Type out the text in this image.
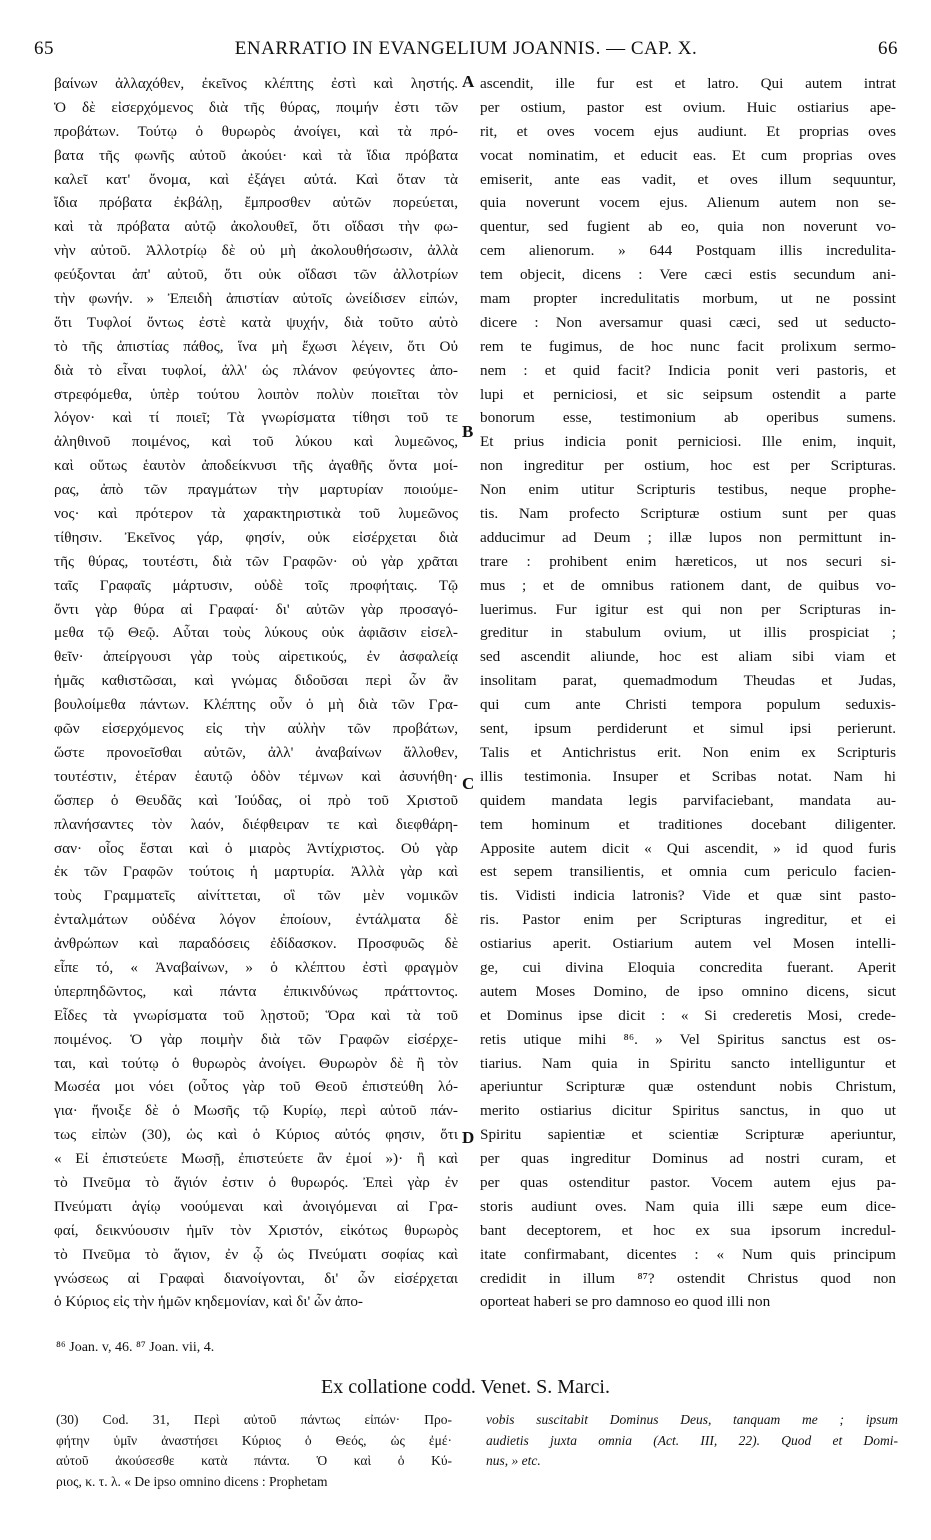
65	ENARRATIO IN EVANGELIUM JOANNIS. — CAP. X.	66
βαίνων ἀλλαχόθεν, ἐκεῖνος κλέπτης ἐστὶ καὶ ληστής.
Ὁ δὲ εἰσερχόμενος διὰ τῆς θύρας, ποιμήν ἐστι τῶν
προβάτων. Τούτῳ ὁ θυρωρὸς ἀνοίγει, καὶ τὰ πρό-
βατα τῆς φωνῆς αὐτοῦ ἀκούει· καὶ τὰ ἴδια πρόβατα
καλεῖ κατ' ὄνομα, καὶ ἐξάγει αὐτά. Καὶ ὅταν τὰ
ἴδια πρόβατα ἐκβάλῃ, ἔμπροσθεν αὐτῶν πορεύεται,
καὶ τὰ πρόβατα αὐτῷ ἀκολουθεῖ, ὅτι οἴδασι τὴν φω-
νὴν αὐτοῦ. Ἀλλοτρίῳ δὲ οὐ μὴ ἀκολουθήσωσιν, ἀλλὰ
φεύξονται ἀπ' αὐτοῦ, ὅτι οὐκ οἴδασι τῶν ἀλλοτρίων
τὴν φωνήν. » Ἐπειδὴ ἀπιστίαν αὐτοῖς ὠνείδισεν εἰπών,
ὅτι Τυφλοί ὄντως ἐστὲ κατὰ ψυχήν, διὰ τοῦτο αὐτὸ
τὸ τῆς ἀπιστίας πάθος, ἵνα μὴ ἔχωσι λέγειν, ὅτι Οὐ
διὰ τὸ εἶναι τυφλοί, ἀλλ' ὡς πλάνον φεύγοντες ἀπο-
στρεφόμεθα, ὑπὲρ τούτου λοιπὸν πολὺν ποιεῖται τὸν
λόγον· καὶ τί ποιεῖ; Τὰ γνωρίσματα τίθησι τοῦ τε
ἀληθινοῦ ποιμένος, καὶ τοῦ λύκου καὶ λυμεῶνος,
καὶ οὕτως ἑαυτὸν ἀποδείκνυσι τῆς ἀγαθῆς ὄντα μοί-
ρας, ἀπὸ τῶν πραγμάτων τὴν μαρτυρίαν ποιούμε-
νος· καὶ πρότερον τὰ χαρακτηριστικὰ τοῦ λυμεῶνος
τίθησιν. Ἐκεῖνος γάρ, φησίν, οὐκ εἰσέρχεται διὰ
τῆς θύρας, τουτέστι, διὰ τῶν Γραφῶν· οὐ γὰρ χρᾶται
ταῖς Γραφαῖς μάρτυσιν, οὐδὲ τοῖς προφήταις. Τῷ
ὄντι γὰρ θύρα αἱ Γραφαί· δι' αὐτῶν γὰρ προσαγό-
μεθα τῷ Θεῷ. Αὗται τοὺς λύκους οὐκ ἀφιᾶσιν εἰσελ-
θεῖν· ἀπείργουσι γὰρ τοὺς αἱρετικούς, ἐν ἀσφαλείᾳ
ἡμᾶς καθιστῶσαι, καὶ γνώμας διδοῦσαι περὶ ὧν ἂν
βουλοίμεθα πάντων. Κλέπτης οὖν ὁ μὴ διὰ τῶν Γρα-
φῶν εἰσερχόμενος εἰς τὴν αὐλὴν τῶν προβάτων,
ὥστε προνοεῖσθαι αὐτῶν, ἀλλ' ἀναβαίνων ἄλλοθεν,
τουτέστιν, ἑτέραν ἑαυτῷ ὁδὸν τέμνων καὶ ἀσυνήθη·
ὥσπερ ὁ Θευδᾶς καὶ Ἰούδας, οἱ πρὸ τοῦ Χριστοῦ
πλανήσαντες τὸν λαόν, διέφθειραν τε καὶ διεφθάρη-
σαν· οἷος ἔσται καὶ ὁ μιαρὸς Ἀντίχριστος. Οὐ γὰρ
ἐκ τῶν Γραφῶν τούτοις ἡ μαρτυρία. Ἀλλὰ γὰρ καὶ
τοὺς Γραμματεῖς αἰνίττεται, οἳ τῶν μὲν νομικῶν
ἐνταλμάτων οὐδένα λόγον ἐποίουν, ἐντάλματα δὲ
ἀνθρώπων καὶ παραδόσεις ἐδίδασκον. Προσφυῶς δὲ
εἶπε τό, « Ἀναβαίνων, » ὁ κλέπτου ἐστὶ φραγμὸν
ὑπερπηδῶντος, καὶ πάντα ἐπικινδύνως πράττοντος.
Εἶδες τὰ γνωρίσματα τοῦ λῃστοῦ; Ὅρα καὶ τὰ τοῦ
ποιμένος. Ὁ γὰρ ποιμὴν διὰ τῶν Γραφῶν εἰσέρχε-
ται, καὶ τούτῳ ὁ θυρωρὸς ἀνοίγει. Θυρωρὸν δὲ ἢ τὸν
Μωσέα μοι νόει (οὗτος γὰρ τοῦ Θεοῦ ἐπιστεύθη λό-
για· ἤνοιξε δὲ ὁ Μωσῆς τῷ Κυρίῳ, περὶ αὐτοῦ πάν-
τως εἰπὼν (30), ὡς καὶ ὁ Κύριος αὐτός φησιν, ὅτι
« Εἰ ἐπιστεύετε Μωσῇ, ἐπιστεύετε ἂν ἐμοί »)· ἢ καὶ
τὸ Πνεῦμα τὸ ἅγιόν ἐστιν ὁ θυρωρός. Ἐπεὶ γὰρ ἐν
Πνεύματι ἁγίῳ νοούμεναι καὶ ἀνοιγόμεναι αἱ Γρα-
φαί, δεικνύουσιν ἡμῖν τὸν Χριστόν, εἰκότως θυρωρὸς
τὸ Πνεῦμα τὸ ἅγιον, ἐν ᾧ ὡς Πνεύματι σοφίας καὶ
γνώσεως αἱ Γραφαὶ διανοίγονται, δι' ὧν εἰσέρχεται
ὁ Κύριος εἰς τὴν ἡμῶν κηδεμονίαν, καὶ δι' ὧν ἀπο-
ascendit, ille fur est et latro. Qui autem intrat
per ostium, pastor est ovium. Huic ostiarius ape-
rit, et oves vocem ejus audiunt. Et proprias oves
vocat nominatim, et educit eas. Et cum proprias oves
emiserit, ante eas vadit, et oves illum sequuntur,
quia noverunt vocem ejus. Alienum autem non se-
quentur, sed fugient ab eo, quia non noverunt vo-
cem alienorum. » 644 Postquam illis incredulita-
tem objecit, dicens : Vere cæci estis secundum ani-
mam propter incredulitatis morbum, ut ne possint
dicere : Non aversamur quasi cæci, sed ut seducto-
rem te fugimus, de hoc nunc facit prolixum sermo-
nem : et quid facit? Indicia ponit veri pastoris, et
lupi et perniciosi, et sic seipsum ostendit a parte
bonorum esse, testimonium ab operibus sumens.
Et prius indicia ponit perniciosi. Ille enim, inquit,
non ingreditur per ostium, hoc est per Scripturas.
Non enim utitur Scripturis testibus, neque prophe-
tis. Nam profecto Scripturæ ostium sunt per quas
adducimur ad Deum ; illæ lupos non permittunt in-
trare : prohibent enim hæreticos, ut nos securi si-
mus ; et de omnibus rationem dant, de quibus vo-
luerimus. Fur igitur est qui non per Scripturas in-
greditur in stabulum ovium, ut illis prospiciat ;
sed ascendit aliunde, hoc est aliam sibi viam et
insolitam parat, quemadmodum Theudas et Judas,
qui cum ante Christi tempora populum seduxis-
sent, ipsum perdiderunt et simul ipsi perierunt.
Talis et Antichristus erit. Non enim ex Scripturis
illis testimonia. Insuper et Scribas notat. Nam hi
quidem mandata legis parvifaciebant, mandata au-
tem hominum et traditiones docebant diligenter.
Apposite autem dicit « Qui ascendit, » id quod furis
est sepem transilientis, et omnia cum periculo facien-
tis. Vidisti indicia latronis? Vide et quæ sint pasto-
ris. Pastor enim per Scripturas ingreditur, et ei
ostiarius aperit. Ostiarium autem vel Mosen intelli-
ge, cui divina Eloquia concredita fuerant. Aperit
autem Moses Domino, de ipso omnino dicens, sicut
et Dominus ipse dicit : « Si crederetis Mosi, crede-
retis utique mihi ⁸⁶. » Vel Spiritus sanctus est os-
tiarius. Nam quia in Spiritu sancto intelliguntur et
aperiuntur Scripturæ quæ ostendunt nobis Christum,
merito ostiarius dicitur Spiritus sanctus, in quo ut
Spiritu sapientiæ et scientiæ Scripturæ aperiuntur,
per quas ingreditur Dominus ad nostri curam, et
per quas ostenditur pastor. Vocem autem ejus pa-
storis audiunt oves. Nam quia illi sæpe eum dice-
bant deceptorem, et hoc ex sua ipsorum incredul-
itate confirmabant, dicentes : « Num quis principum
credidit in illum ⁸⁷? ostendit Christus quod non
oporteat haberi se pro damnoso eo quod illi non
A
B
C
D
⁸⁶ Joan. v, 46. ⁸⁷ Joan. vii, 4.
Ex collatione codd. Venet. S. Marci.
(30) Cod. 31, Περὶ αὐτοῦ πάντως εἰπών· Προ-
φήτην ὑμῖν ἀναστήσει Κύριος ὁ Θεός, ὡς ἐμέ·
αὐτοῦ ἀκούσεσθε κατὰ πάντα. Ὁ καὶ ὁ Κύ-
ριος, κ. τ. λ. « De ipso omnino dicens : Prophetam
vobis suscitabit Dominus Deus, tanquam me ; ipsum
audietis juxta omnia (Act. III, 22). Quod et Domi-
nus, » etc.
